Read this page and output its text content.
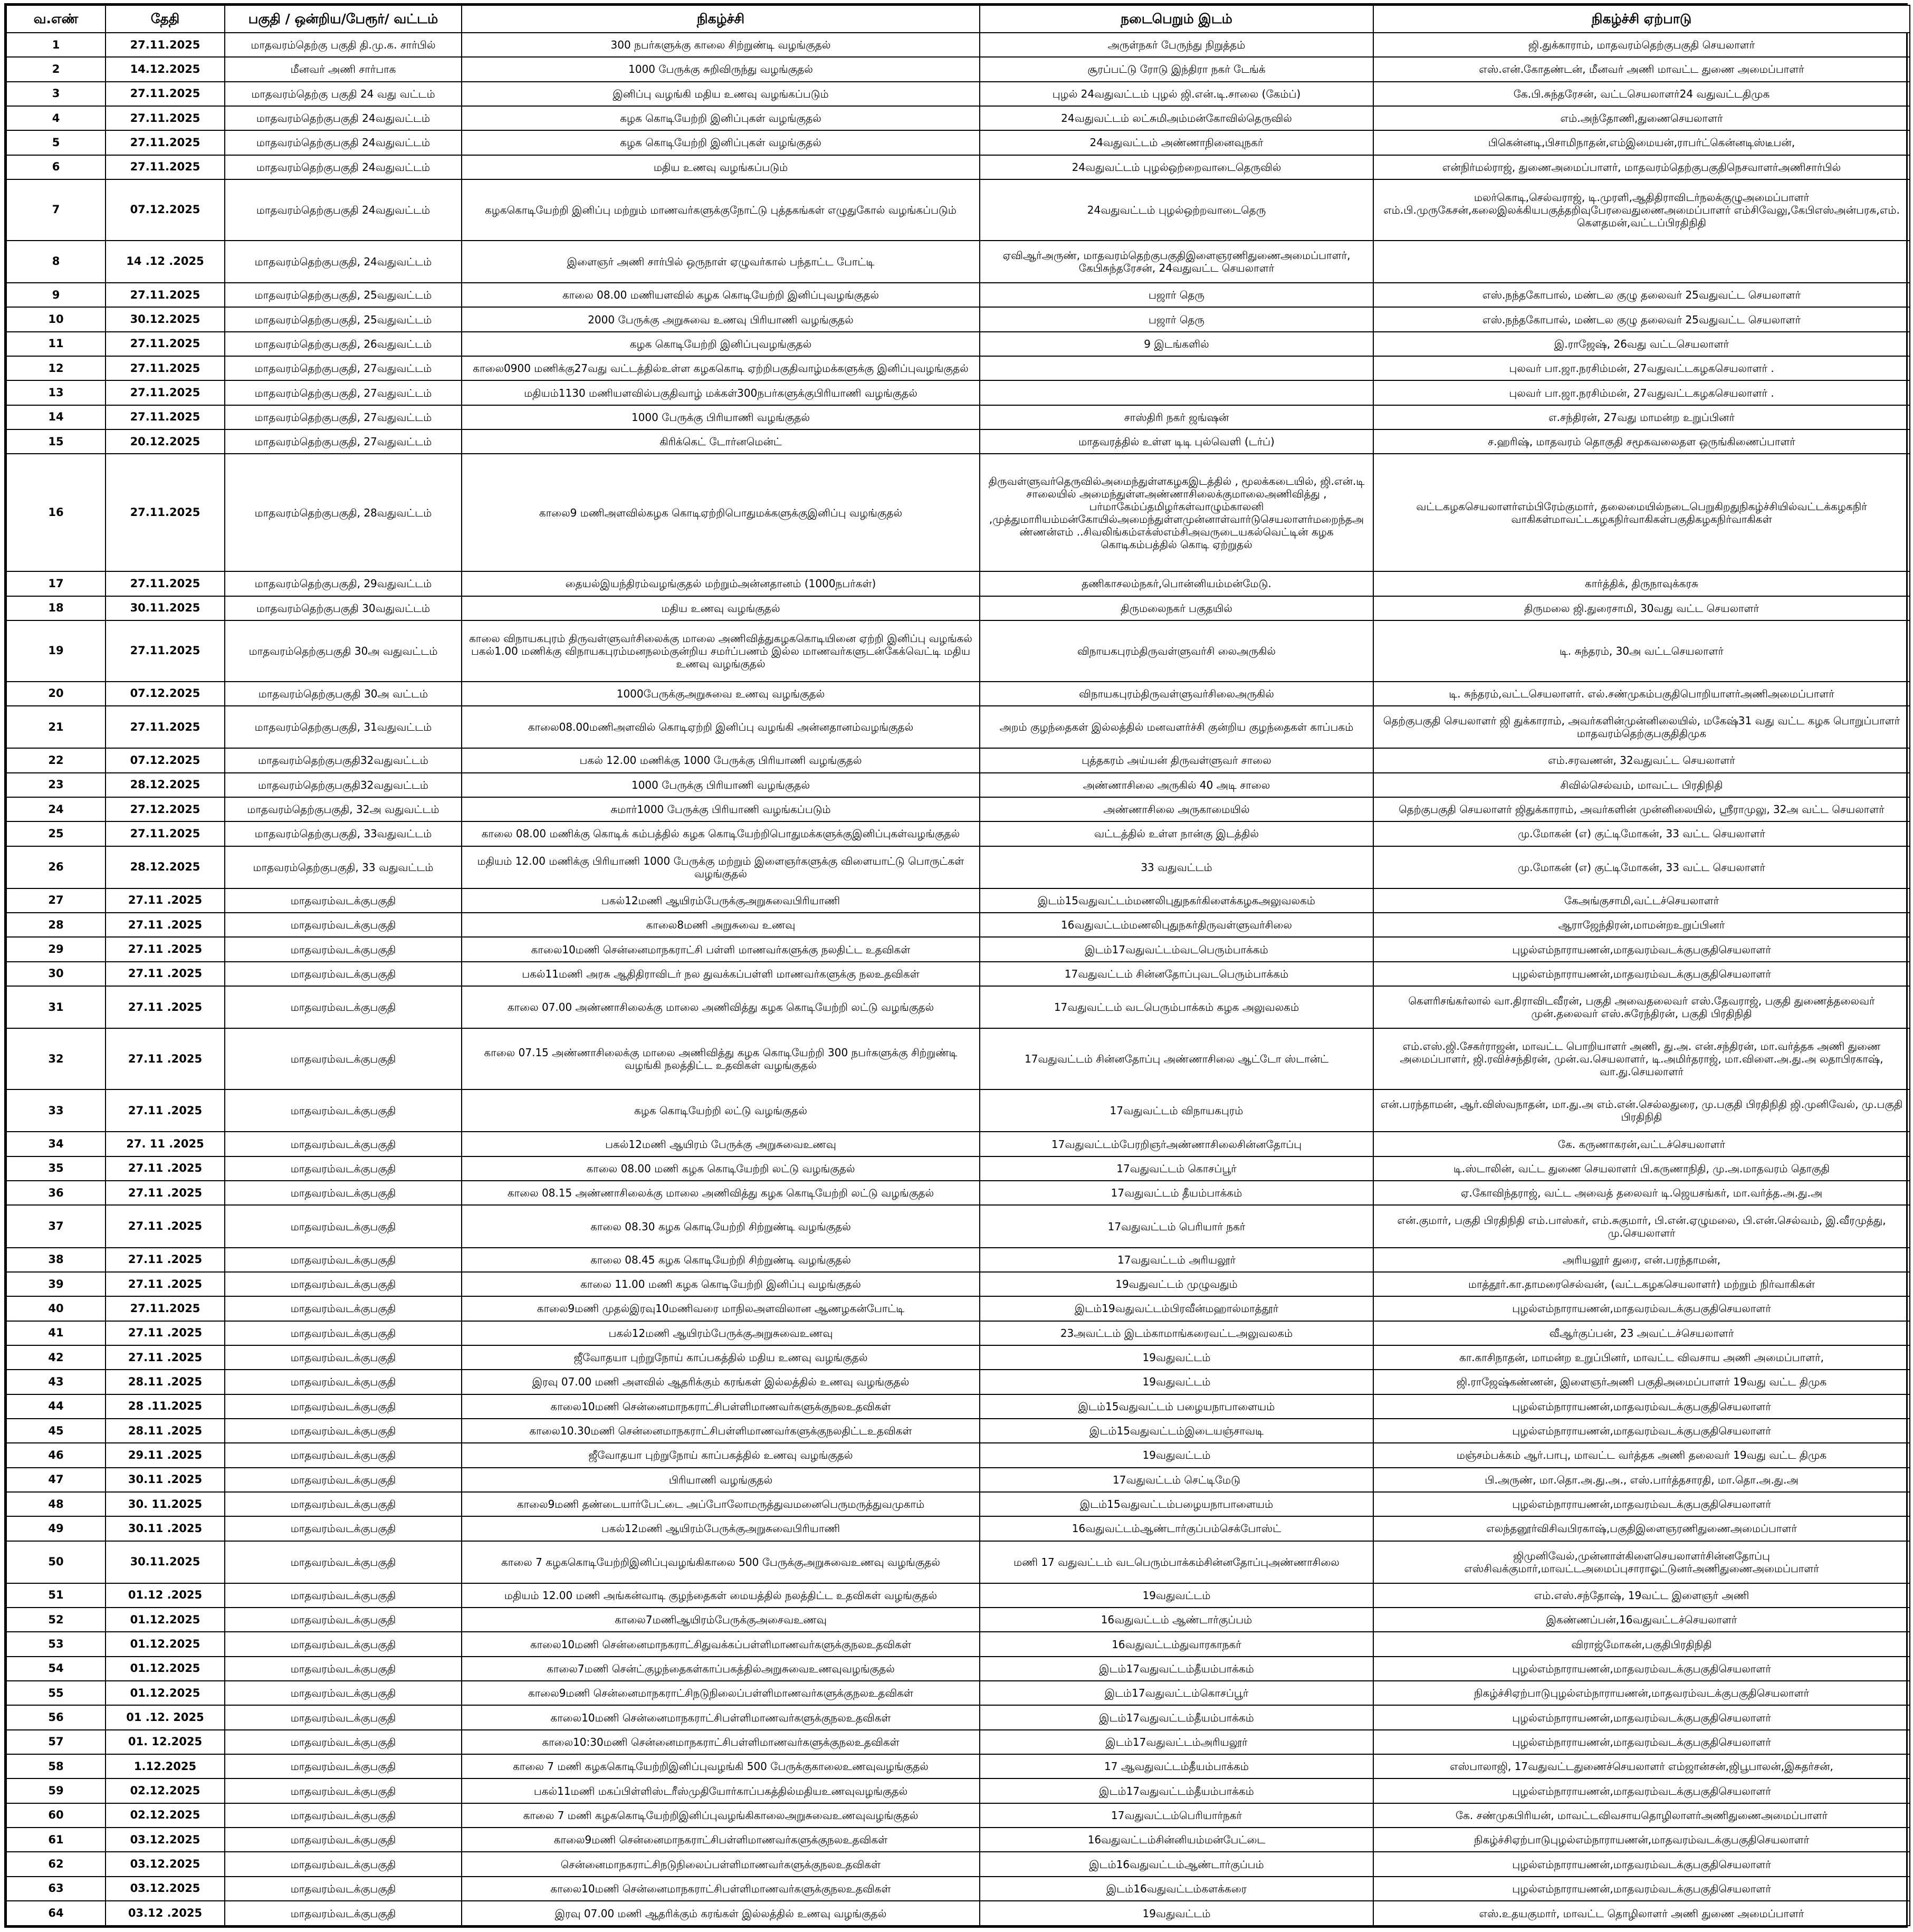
வ.எண்	தேதி	பகுதி / ஒன்றிய/பேரூர்/ வட்டம்	நிகழ்ச்சி	நடைபெறும் இடம்	நிகழ்ச்சி ஏற்பாடு
1	27.11.2025	மாதவரம்தெற்கு பகுதி தி.மு.க. சார்பில்	300 நபர்களுக்கு காலை சிற்றுண்டி வழங்குதல்	அருள்நகர் பேருந்து நிறுத்தம்	ஜி.துக்காராம், மாதவரம்தெற்குபகுதி செயலாளர்
2	14.12.2025	மீனவர் அணி சார்பாக	1000 பேருக்கு சுறிவிருந்து வழங்குதல்	சூரப்பட்டு ரோடு இந்திரா நகர் டேங்க்	எஸ்.என்.கோதண்டன், மீனவர் அணி மாவட்ட துணை அமைப்பாளர்
3	27.11.2025	மாதவரம்தெற்கு பகுதி 24 வது வட்டம்	இனிப்பு வழங்கி மதிய உணவு வழங்கப்படும்	புழல் 24வதுவட்டம் புழல் ஜி.என்.டி.சாலை (கேம்ப்)	கே.பி.சுந்தரேசன், வட்டசெயலாளர்24 வதுவட்டதிமுக
4	27.11.2025	மாதவரம்தெற்குபகுதி 24வதுவட்டம்	கழக கொடியேற்றி இனிப்புகள் வழங்குதல்	24வதுவட்டம் லட்சுமிஅம்மன்கோவில்தெருவில்	எம்.அந்தோணி,துணைசெயலாளர்
5	27.11.2025	மாதவரம்தெற்குபகுதி 24வதுவட்டம்	கழக கொடியேற்றி இனிப்புகள் வழங்குதல்	24வதுவட்டம் அண்ணாநினைவுநகர்	பிகென்னடி,பிசாமிநாதன்,எம்இமையன்,ராபர்ட்கென்னடிஸ்டீபன்,
6	27.11.2025	மாதவரம்தெற்குபகுதி 24வதுவட்டம்	மதிய உணவு வழங்கப்படும்	24வதுவட்டம் புழல்ஒற்றைவாடைதெருவில்	என்நிர்மல்ராஜ், துணைஅமைப்பாளர், மாதவரம்தெற்குபகுதிநெசவாளர்அணிசார்பில்
7	07.12.2025	மாதவரம்தெற்குபகுதி 24வதுவட்டம்	கழககொடியேற்றி இனிப்பு மற்றும் மாணவர்களுக்குநோட்டு புத்தகங்கள் எழுதுகோல் வழங்கப்படும்	24வதுவட்டம் புழல்ஒற்றவாடைதெரு	மலர்கொடி,செல்வராஜ், டி.முரளி,ஆதிதிராவிடர்நலக்குழுஅமைப்பாளர் எம்.பி.முருகேசன்,கலைஇலக்கியபகுத்தறிவுபேரவைதுணைஅமைப்பாளர் எம்சிவேலு,கேபிஎஸ்அன்பரசு,எம். கௌதமன்,வட்டப்பிரதிநிதி
8	14 .12 .2025	மாதவரம்தெற்குபகுதி, 24வதுவட்டம்	இளைஞர் அணி சார்பில் ஒருநாள் ஏழுவர்கால் பந்தாட்ட போட்டி	ஏவிஆர்அருண், மாதவரம்தெற்குபகுதிஇளைஞரணிதுணைஅமைப்பாளர், கேபிசுந்தரேசன், 24வதுவட்ட செயலாளர்	
9	27.11.2025	மாதவரம்தெற்குபகுதி, 25வதுவட்டம்	காலை 08.00 மணியளவில் கழக கொடியேற்றி இனிப்புவழங்குதல்	பஜார் தெரு	எஸ்.நந்தகோபால், மண்டல குழு தலைவர் 25வதுவட்ட செயலாளர்
10	30.12.2025	மாதவரம்தெற்குபகுதி, 25வதுவட்டம்	2000 பேருக்கு அறுசுவை உணவு பிரியாணி வழங்குதல்	பஜார் தெரு	எஸ்.நந்தகோபால், மண்டல குழு தலைவர் 25வதுவட்ட செயலாளர்
11	27.11.2025	மாதவரம்தெற்குபகுதி, 26வதுவட்டம்	கழக கொடியேற்றி இனிப்புவழங்குதல்	9 இடங்களில்	இ.ராஜேஷ், 26வது வட்டசெயலாளர்
12	27.11.2025	மாதவரம்தெற்குபகுதி, 27வதுவட்டம்	காலை0900 மணிக்கு27வது வட்டத்தில்உள்ள கழககொடி ஏற்றிபகுதிவாழ்மக்களுக்கு இனிப்புவழங்குதல்		புலவர் பா.ஜா.நரசிம்மன், 27வதுவட்டகழகசெயலாளர் .
13	27.11.2025	மாதவரம்தெற்குபகுதி, 27வதுவட்டம்	மதியம்1130 மணியளவில்பகுதிவாழ் மக்கள்300நபர்களுக்குபிரியாணி வழங்குதல்		புலவர் பா.ஜா.நரசிம்மன், 27வதுவட்டகழகசெயலாளர் .
14	27.11.2025	மாதவரம்தெற்குபகுதி, 27வதுவட்டம்	1000 பேருக்கு பிரியாணி வழங்குதல்	சாஸ்திரி நகர் ஜங்ஷன்	எ.சந்திரன், 27வது மாமன்ற உறுப்பினர்
15	20.12.2025	மாதவரம்தெற்குபகுதி, 27வதுவட்டம்	கிரிக்கெட் டோர்னமென்ட்	மாதவரத்தில் உள்ள டிடி புல்வெளி (டர்ப்)	ச.ஹரிஷ், மாதவரம் தொகுதி சமூகவலைதள ஒருங்கிணைப்பாளர்
16	27.11.2025	மாதவரம்தெற்குபகுதி, 28வதுவட்டம்	காலை9 மணிஅளவில்கழக கொடிஏற்றிபொதுமக்களுக்குஇனிப்பு வழங்குதல்	திருவள்ளுவர்தெருவில்அமைந்துள்ளகழகஇடத்தில் , மூலக்கடையில், ஜி.என்.டி சாலையில் அமைந்துள்ளஅண்ணாசிலைக்குமாலைஅணிவித்து , பர்மாகேம்ப்தமிழர்கள்வாழும்காலனி ,முத்துமாரியம்மன்கோயில்அமைந்துள்ளமுன்னாள்வார்டுசெயலாளர்மறைந்தஅண்ணன்எம் ..சிவலிங்கம்எக்ஸ்எம்சிஅவருடையகல்வெட்டின் கழக கொடிகம்பத்தில் கொடி ஏற்றுதல்	வட்டகழகசெயலாளர்எம்பிரேம்குமார், தலைமையில்நடைபெறுகிறதுநிகழ்ச்சியில்வட்டக்கழகநிர் வாகிகள்மாவட்டகழகநிர்வாகிகள்பகுதிகழகநிர்வாகிகள்
17	27.11.2025	மாதவரம்தெற்குபகுதி, 29வதுவட்டம்	தையல்இயந்திரம்வழங்குதல் மற்றும்அன்னதானம் (1000நபர்கள்)	தணிகாசலம்நகர்,பொன்னியம்மன்மேடு.	கார்த்திக், திருநாவுக்கரசு
18	30.11.2025	மாதவரம்தெற்குபகுதி 30வதுவட்டம்	மதிய உணவு வழங்குதல்	திருமலைநகர் பகுதயில்	திருமலை ஜி.துரைசாமி, 30வது வட்ட செயலாளர்
19	27.11.2025	மாதவரம்தெற்குபகுதி 30அ வதுவட்டம்	காலை விநாயகபுரம் திருவள்ளுவர்சிலைக்கு மாலை அணிவித்துகழககொடியினை ஏற்றி இனிப்பு வழங்கல் பகல்1.00 மணிக்கு விநாயகபுரம்மனநலம்குன்றிய சமர்ப்பணம் இல்ல மாணவர்களுடன்கேக்வெட்டி மதிய உணவு வழங்குதல்	விநாயகபுரம்திருவள்ளுவர்சி லைஅருகில்	டி. சுந்தரம், 30அ வட்டசெயலாளர்
20	07.12.2025	மாதவரம்தெற்குபகுதி 30அ வட்டம்	1000பேருக்குஅறுசுவை உணவு வழங்குதல்	விநாயகபுரம்திருவள்ளுவர்சிலைஅருகில்	டி. சுந்தரம்,வட்டசெயலாளர். எல்.சண்முகம்பகுதிபொறியாளர்அணிஅமைப்பாளர்
21	27.11.2025	மாதவரம்தெற்குபகுதி, 31வதுவட்டம்	காலை08.00மணிஅளவில் கொடிஏற்றி இனிப்பு வழங்கி அன்னதானம்வழங்குதல்	அறம் குழந்தைகள் இல்லத்தில் மனவளர்ச்சி குன்றிய குழந்தைகள் காப்பகம்	தெற்குபகுதி செயலாளர் ஜி துக்காராம், அவர்களின்முன்னிலையில், மகேஷ்31 வது வட்ட கழக பொறுப்பாளர் மாதவரம்தெற்குபகுதிதிமுக
22	07.12.2025	மாதவரம்தெற்குபகுதி32வதுவட்டம்	பகல் 12.00 மணிக்கு 1000 பேருக்கு பிரியாணி வழங்குதல்	புத்தகரம் அய்யன் திருவள்ளுவர் சாலை	எம்.சரவணன், 32வதுவட்ட செயலாளர்
23	28.12.2025	மாதவரம்தெற்குபகுதி32வதுவட்டம்	1000 பேருக்கு பிரியாணி வழங்குதல்	அண்ணாசிலை அருகில் 40 அடி சாலை	சிவில்செல்வம், மாவட்ட பிரதிநிதி
24	27.12.2025	மாதவரம்தெற்குபகுதி, 32அ வதுவட்டம்	சுமார்1000 பேருக்கு பிரியாணி வழங்கப்படும்	அண்ணாசிலை அருகாமையில்	தெற்குபகுதி செயலாளர் ஜிதுக்காராம், அவர்களின் முன்னிலையில், ஸ்ரீராமுலு, 32அ வட்ட செயலாளர்
25	27.11.2025	மாதவரம்தெற்குபகுதி, 33வதுவட்டம்	காலை 08.00 மணிக்கு கொடிக் கம்பத்தில் கழக கொடியேற்றிபொதுமக்களுக்குஇனிப்புகள்வழங்குதல்	வட்டத்தில் உள்ள நான்கு இடத்தில்	மு.மோகன் (எ) குட்டிமோகன், 33 வட்ட செயலாளர்
26	28.12.2025	மாதவரம்தெற்குபகுதி, 33 வதுவட்டம்	மதியம் 12.00 மணிக்கு பிரியாணி 1000 பேருக்கு மற்றும் இளைஞர்களுக்கு விளையாட்டு பொருட்கள் வழங்குதல்	33 வதுவட்டம்	மு.மோகன் (எ) குட்டிமோகன், 33 வட்ட செயலாளர்
27	27.11 .2025	மாதவரம்வடக்குபகுதி	பகல்12மணி ஆயிரம்பேருக்குஅறுசுவைபிரியாணி	இடம்15வதுவட்டம்மணலிபுதுநகர்கிளைக்கழகஅலுவலகம்	கேஅங்குசாமி,வட்டச்செயலாளர்
28	27.11 .2025	மாதவரம்வடக்குபகுதி	காலை8மணி அறுசுவை உணவு	16வதுவட்டம்மணலிபுதுநகர்திருவள்ளுவர்சிலை	ஆராஜேந்திரன்,மாமன்றஉறுப்பினர்
29	27.11 .2025	மாதவரம்வடக்குபகுதி	காலை10மணி சென்னைமாநகராட்சி பள்ளி மாணவர்களுக்கு நலதிட்ட உதவிகள்	இடம்17வதுவட்டம்வடபெரும்பாக்கம்	புழல்எம்நாராயணன்,மாதவரம்வடக்குபகுதிசெயலாளர்
30	27.11 .2025	மாதவரம்வடக்குபகுதி	பகல்11மணி அரசு ஆதிதிராவிடர் நல துவக்கப்பள்ளி மாணவர்களுக்கு நலஉதவிகள்	17வதுவட்டம் சின்னதோப்புவடபெரும்பாக்கம்	புழல்எம்நாராயணன்,மாதவரம்வடக்குபகுதிசெயலாளர்
31	27.11 .2025	மாதவரம்வடக்குபகுதி	காலை 07.00 அண்ணாசிலைக்கு மாலை அணிவித்து கழக கொடியேற்றி லட்டு வழங்குதல்	17வதுவட்டம் வடபெரும்பாக்கம் கழக அலுவலகம்	கௌரிசங்கர்லால் வா.திராவிடவீரன், பகுதி அவைதலைவர் எஸ்.தேவராஜ், பகுதி துணைத்தலைவர் முன்.தலைவர் எஸ்.சுரேந்திரன், பகுதி பிரதிநிதி
32	27.11 .2025	மாதவரம்வடக்குபகுதி	காலை 07.15 அண்ணாசிலைக்கு மாலை அணிவித்து கழக கொடியேற்றி 300 நபர்களுக்கு சிற்றுண்டி வழங்கி நலத்திட்ட உதவிகள் வழங்குதல்	17வதுவட்டம் சின்னதோப்பு அண்ணாசிலை ஆட்டோ ஸ்டான்ட்	எம்.எஸ்.ஜி.சேகர்ராஜன், மாவட்ட பொறியாளர் அணி, து.அ. என்.சந்திரன், மா.வர்த்தக அணி துணை அமைப்பாளர், ஜி.ரவிச்சந்திரன், முன்.வ.செயலாளர், டி.அமிர்தராஜ், மா.விளை.அ.து.அ லதாபிரகாஷ், வா.து.செயலாளர்
33	27.11 .2025	மாதவரம்வடக்குபகுதி	கழக கொடியேற்றி லட்டு வழங்குதல்	17வதுவட்டம் விநாயகபுரம்	என்.பரந்தாமன், ஆர்.விஸ்வநாதன், மா.து.அ எம்.என்.செல்லதுரை, மு.பகுதி பிரதிநிதி ஜி.முனிவேல், மு.பகுதி பிரதிநிதி
34	27. 11 .2025	மாதவரம்வடக்குபகுதி	பகல்12மணி ஆயிரம் பேருக்கு அறுசுவைஉணவு	17வதுவட்டம்பேரறிஞர்அண்ணாசிலைசின்னதோப்பு	கே. கருணாகரன்,வட்டச்செயலாளர்
35	27.11 .2025	மாதவரம்வடக்குபகுதி	காலை 08.00 மணி கழக கொடியேற்றி லட்டு வழங்குதல்	17வதுவட்டம் கொசப்பூர்	டி.ஸ்டாலின், வட்ட துணை செயலாளர் பி.கருணாநிதி, மு.அ.மாதவரம் தொகுதி
36	27.11 .2025	மாதவரம்வடக்குபகுதி	காலை 08.15 அண்ணாசிலைக்கு மாலை அணிவித்து கழக கொடியேற்றி லட்டு வழங்குதல்	17வதுவட்டம் தீயம்பாக்கம்	ஏ.கோவிந்தராஜ், வட்ட அவைத் தலைவர் டி.ஜெயசங்கர், மா.வர்த்த.அ.து.அ
37	27.11 .2025	மாதவரம்வடக்குபகுதி	காலை 08.30 கழக கொடியேற்றி சிற்றுண்டி வழங்குதல்	17வதுவட்டம் பெரியார் நகர்	என்.குமார், பகுதி பிரதிநிதி எம்.பாஸ்கர், எம்.சுகுமார், பி.என்.ஏழுமலை, பி.என்.செல்வம், இ.வீரமுத்து, மு.செயலாளர்
38	27.11 .2025	மாதவரம்வடக்குபகுதி	காலை 08.45 கழக கொடியேற்றி சிற்றுண்டி வழங்குதல்	17வதுவட்டம் அரியலூர்	அரியலூர் துரை, என்.பரந்தாமன்,
39	27.11 .2025	மாதவரம்வடக்குபகுதி	காலை 11.00 மணி கழக கொடியேற்றி இனிப்பு வழங்குதல்	19வதுவட்டம் முழுவதும்	மாத்தூர்.கா.தாமரைசெல்வன், (வட்டகழகசெயலாளர்) மற்றும் நிர்வாகிகள்
40	27.11.2025	மாதவரம்வடக்குபகுதி	காலை9மணி முதல்இரவு10மணிவரை மாநிலஅளவிலான ஆணழகன்போட்டி	இடம்19வதுவட்டம்பிரவீன்மஹால்மாத்தூர்	புழல்எம்நாராயணன்,மாதவரம்வடக்குபகுதிசெயலாளர்
41	27.11 .2025	மாதவரம்வடக்குபகுதி	பகல்12மணி ஆயிரம்பேருக்குஅறுசுவைஉணவு	23அவட்டம் இடம்காமாங்கரைவட்டஅலுவலகம்	வீஆர்குப்பன், 23 அவட்டச்செயலாளர்
42	27.11 .2025	மாதவரம்வடக்குபகுதி	ஜீவோதயா புற்றுநோய் காப்பகத்தில் மதிய உணவு வழங்குதல்	19வதுவட்டம்	கா.காசிநாதன், மாமன்ற உறுப்பினர், மாவட்ட விவசாய அணி அமைப்பாளர்,
43	28.11 .2025	மாதவரம்வடக்குபகுதி	இரவு 07.00 மணி அளவில் ஆதரிக்கும் கரங்கள் இல்லத்தில் உணவு வழங்குதல்	19வதுவட்டம்	ஜி.ராஜேஷ்கண்ணன், இளைஞர்அணி பகுதிஅமைப்பாளர் 19வது வட்ட திமுக
44	28 .11.2025	மாதவரம்வடக்குபகுதி	காலை10மணி சென்னைமாநகராட்சிபள்ளிமாணவர்களுக்குநலஉதவிகள்	இடம்15வதுவட்டம் பழையநாபாளையம்	புழல்எம்நாராயணன்,மாதவரம்வடக்குபகுதிசெயலாளர்
45	28.11 .2025	மாதவரம்வடக்குபகுதி	காலை10.30மணி சென்னைமாநகராட்சிபள்ளிமாணவர்களுக்குநலதிட்டஉதவிகள்	இடம்15வதுவட்டம்இடையஞ்சாவடி	புழல்எம்நாராயணன்,மாதவரம்வடக்குபகுதிசெயலாளர்
46	29.11 .2025	மாதவரம்வடக்குபகுதி	ஜீவோதயா புற்றுநோய் காப்பகத்தில் உணவு வழங்குதல்	19வதுவட்டம்	மஞ்சம்பக்கம் ஆர்.பாபு, மாவட்ட வர்த்தக அணி தலைவர் 19வது வட்ட திமுக
47	30.11 .2025	மாதவரம்வடக்குபகுதி	பிரியாணி வழங்குதல்	17வதுவட்டம் செட்டிமேடு	பி.அருண், மா.தொ.அ.து.அ., எஸ்.பார்த்தசாரதி, மா.தொ.அ.து.அ
48	30. 11.2025	மாதவரம்வடக்குபகுதி	காலை9மணி தண்டையார்பேட்டை அப்போலோமருத்துவமனைபெருமருத்துவமுகாம்	இடம்15வதுவட்டம்பழையநாபாளையம்	புழல்எம்நாராயணன்,மாதவரம்வடக்குபகுதிசெயலாளர்
49	30.11 .2025	மாதவரம்வடக்குபகுதி	பகல்12மணி ஆயிரம்பேருக்குஅறுசுவைபிரியாணி	16வதுவட்டம்ஆண்டார்குப்பம்செக்போஸ்ட்	எலந்தனூர்விசிவபிரகாஷ்,பகுதிஇளைஞரணிதுணைஅமைப்பாளர்
50	30.11.2025	மாதவரம்வடக்குபகுதி	காலை 7 கழககொடியேற்றிஇனிப்புவழங்கிகாலை 500 பேருக்குஅறுசுவைஉணவு வழங்குதல்	மணி 17 வதுவட்டம் வடபெரும்பாக்கம்சின்னதோப்புஅண்ணாசிலை	ஜிமுனிவேல்,முன்னாள்கிளைசெயலாளர்சின்னதோப்பு எஸ்சிவக்குமார்,மாவட்டஅமைப்புசாராஓட்டுனர்அணிதுணைஅமைப்பாளர்
51	01.12 .2025	மாதவரம்வடக்குபகுதி	மதியம் 12.00 மணி அங்கன்வாடி குழந்தைகள் மையத்தில் நலத்திட்ட உதவிகள் வழங்குதல்	19வதுவட்டம்	எம்.எஸ்.சந்தோஷ், 19வட்ட இளைஞர் அணி
52	01.12.2025	மாதவரம்வடக்குபகுதி	காலை7மணிஆயிரம்பேருக்குஅசைவஉணவு	16வதுவட்டம் ஆண்டார்குப்பம்	இகண்ணப்பன்,16வதுவட்டச்செயலாளர்
53	01.12.2025	மாதவரம்வடக்குபகுதி	காலை10மணி சென்னைமாநகராட்சிதுவக்கப்பள்ளிமாணவர்களுக்குநலஉதவிகள்	16வதுவட்டம்துவாரகாநகர்	விராஜ்மோகன்,பகுதிபிரதிநிதி
54	01.12.2025	மாதவரம்வடக்குபகுதி	காலை7மணி சென்ட்குழந்தைகள்காப்பகத்தில்அறுசுவைஉணவுவழங்குதல்	இடம்17வதுவட்டம்தீயம்பாக்கம்	புழல்எம்நாராயணன்,மாதவரம்வடக்குபகுதிசெயலாளர்
55	01.12.2025	மாதவரம்வடக்குபகுதி	காலை9மணி சென்னைமாநகராட்சிநடுநிலைப்பள்ளிமாணவர்களுக்குநலஉதவிகள்	இடம்17வதுவட்டம்கொசப்பூர்	நிகழ்ச்சிஏற்பாடுபுழல்எம்நாராயணன்,மாதவரம்வடக்குபகுதிசெயலாளர்
56	01 .12. 2025	மாதவரம்வடக்குபகுதி	காலை10மணி சென்னைமாநகராட்சிபள்ளிமாணவர்களுக்குநலஉதவிகள்	இடம்17வதுவட்டம்தீயம்பாக்கம்	புழல்எம்நாராயணன்,மாதவரம்வடக்குபகுதிசெயலாளர்
57	01. 12.2025	மாதவரம்வடக்குபகுதி	காலை10:30மணி சென்னைமாநகராட்சிபள்ளிமாணவர்களுக்குநலஉதவிகள்	இடம்17வதுவட்டம்அரியலூர்	புழல்எம்நாராயணன்,மாதவரம்வடக்குபகுதிசெயலாளர்
58	1.12.2025	மாதவரம்வடக்குபகுதி	காலை 7 மணி கழககொடியேற்றிஇனிப்புவழங்கி 500 பேருக்குகாலைஉணவுவழங்குதல்	17 ஆவதுவட்டம்தீயம்பாக்கம்	எஸ்பாலாஜி, 17வதுவட்டதுணைச்செயலாளர் எம்ஜான்சன்,ஜிபூபாலன்,இசுதர்சன்,
59	02.12.2025	மாதவரம்வடக்குபகுதி	பகல்11மணி மகப்பிள்ளிஸ்டரீஸ்முதியோர்காப்பகத்தில்மதியஉணவுவழங்குதல்	இடம்17வதுவட்டம்தீயம்பாக்கம்	புழல்எம்நாராயணன்,மாதவரம்வடக்குபகுதிசெயலாளர்
60	02.12.2025	மாதவரம்வடக்குபகுதி	காலை 7 மணி கழககொடியேற்றிஇனிப்புவழங்கிகாலைஅறுசுவைஉணவுவழங்குதல்	17வதுவட்டம்பெரியார்நகர்	கே. சண்முகபிரியன், மாவட்டவிவசாயதொழிலாளர்அணிதுணைஅமைப்பாளர்
61	03.12.2025	மாதவரம்வடக்குபகுதி	காலை9மணி சென்னைமாநகராட்சிபள்ளிமாணவர்களுக்குநலஉதவிகள்	16வதுவட்டம்சின்னியம்மன்பேட்டை	நிகழ்ச்சிஏற்பாடுபுழல்எம்நாராயணன்,மாதவரம்வடக்குபகுதிசெயலாளர்
62	03.12.2025	மாதவரம்வடக்குபகுதி	சென்னைமாநகராட்சிநடுநிலைப்பள்ளிமாணவர்களுக்குநலஉதவிகள்	இடம்16வதுவட்டம்ஆண்டார்குப்பம்	புழல்எம்நாராயணன்,மாதவரம்வடக்குபகுதிசெயலாளர்
63	03.12.2025	மாதவரம்வடக்குபகுதி	காலை10மணி சென்னைமாநகராட்சிபள்ளிமாணவர்களுக்குநலஉதவிகள்	இடம்16வதுவட்டம்களக்கரை	புழல்எம்நாராயணன்,மாதவரம்வடக்குபகுதிசெயலாளர்
64	03.12 .2025	மாதவரம்வடக்குபகுதி	இரவு 07.00 மணி ஆதரிக்கும் கரங்கள் இல்லத்தில் உணவு வழங்குதல்	19வதுவட்டம்	எஸ்.உதயகுமார், மாவட்ட தொழிலாளர் அணி துணை அமைப்பாளர்
